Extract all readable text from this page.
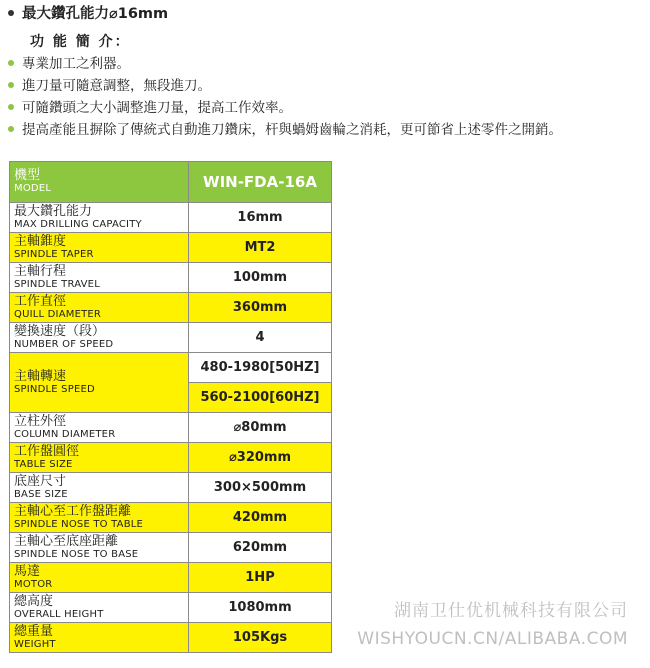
最大鑽孔能力⌀16mm
功 能 簡 介：
專業加工之利器。
進刀量可隨意調整，無段進刀。
可隨鑽頭之大小調整進刀量，提高工作效率。
提高產能且摒除了傳統式自動進刀鑽床，杆與蝸姆齒輪之消耗，更可節省上述零件之開銷。
機型
MODEL	WIN-FDA-16A

最大鑽孔能力
MAX DRILLING CAPACITY	16mm

主軸錐度
SPINDLE TAPER	MT2

主軸行程
SPINDLE TRAVEL	100mm

工作直徑
QUILL DIAMETER	360mm

變換速度（段）
NUMBER OF SPEED	4

主軸轉速
SPINDLE SPEED	480-1980[50HZ]
	560-2100[60HZ]

立柱外徑
COLUMN DIAMETER	⌀80mm

工作盤圓徑
TABLE SIZE	⌀320mm

底座尺寸
BASE SIZE	300×500mm

主軸心至工作盤距離
SPINDLE NOSE TO TABLE	420mm

主軸心至底座距離
SPINDLE NOSE TO BASE	620mm

馬達
MOTOR	1HP

總高度
OVERALL HEIGHT	1080mm

總重量
WEIGHT	105Kgs
湖南卫仕优机械科技有限公司
WISHYOUCN.CN/ALIBABA.COM
